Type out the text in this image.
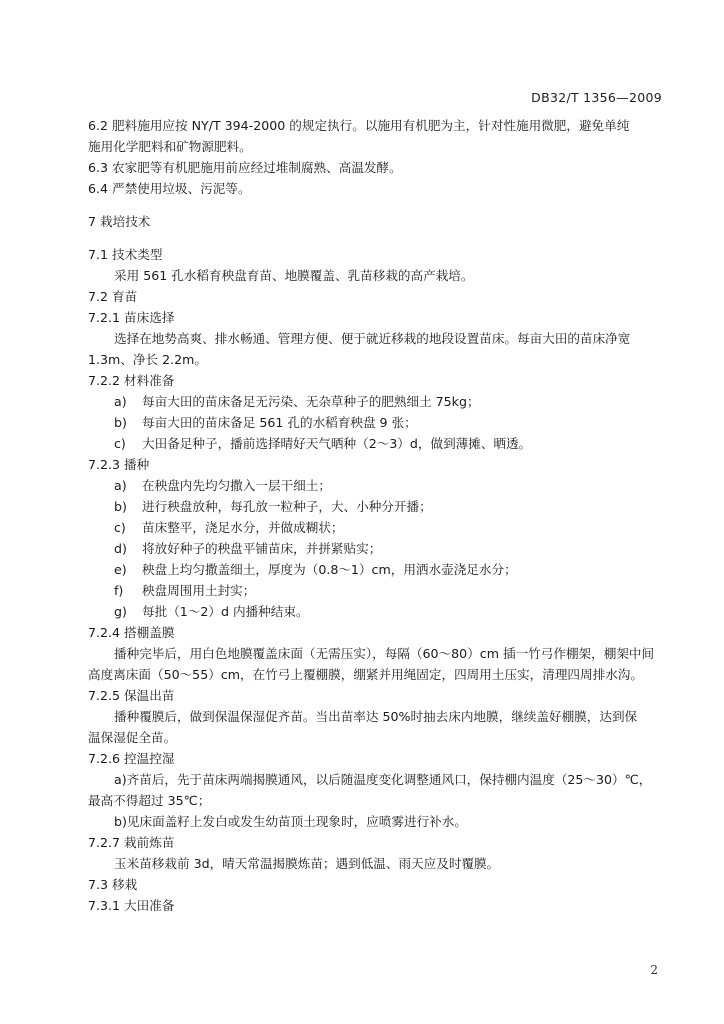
DB32/T 1356—2009

6.2 肥料施用应按 NY/T 394-2000 的规定执行。以施用有机肥为主，针对性施用微肥，避免单纯

施用化学肥料和矿物源肥料。

6.3 农家肥等有机肥施用前应经过堆制腐熟、高温发酵。

6.4 严禁使用垃圾、污泥等。

7 栽培技术

7.1 技术类型

采用 561 孔水稻育秧盘育苗、地膜覆盖、乳苗移栽的高产栽培。

7.2 育苗

7.2.1 苗床选择

选择在地势高爽、排水畅通、管理方便、便于就近移栽的地段设置苗床。每亩大田的苗床净宽

1.3m、净长 2.2m。

7.2.2 材料准备

a) 每亩大田的苗床备足无污染、无杂草种子的肥熟细土 75kg；

b) 每亩大田的苗床备足 561 孔的水稻育秧盘 9 张；

c) 大田备足种子，播前选择晴好天气晒种（2～3）d，做到薄摊、晒透。

7.2.3 播种

a) 在秧盘内先均匀撒入一层干细土；

b) 进行秧盘放种，每孔放一粒种子，大、小种分开播；

c) 苗床整平，浇足水分，并做成糊状；

d) 将放好种子的秧盘平铺苗床，并拼紧贴实；

e) 秧盘上均匀撒盖细土，厚度为（0.8～1）cm，用洒水壶浇足水分；

f) 秧盘周围用土封实；

g) 每批（1～2）d 内播种结束。

7.2.4 搭棚盖膜

播种完毕后，用白色地膜覆盖床面（无需压实），每隔（60～80）cm 插一竹弓作棚架，棚架中间

高度离床面（50～55）cm，在竹弓上覆棚膜，绷紧并用绳固定，四周用土压实，清理四周排水沟。

7.2.5 保温出苗

播种覆膜后，做到保温保湿促齐苗。当出苗率达 50%时抽去床内地膜，继续盖好棚膜，达到保

温保湿促全苗。

7.2.6 控温控湿

a)齐苗后，先于苗床两端揭膜通风，以后随温度变化调整通风口，保持棚内温度（25～30）℃，

最高不得超过 35℃；

b)见床面盖籽上发白或发生幼苗顶土现象时，应喷雾进行补水。

7.2.7 栽前炼苗

玉米苗移栽前 3d，晴天常温揭膜炼苗；遇到低温、雨天应及时覆膜。

7.3 移栽

7.3.1 大田准备

2
